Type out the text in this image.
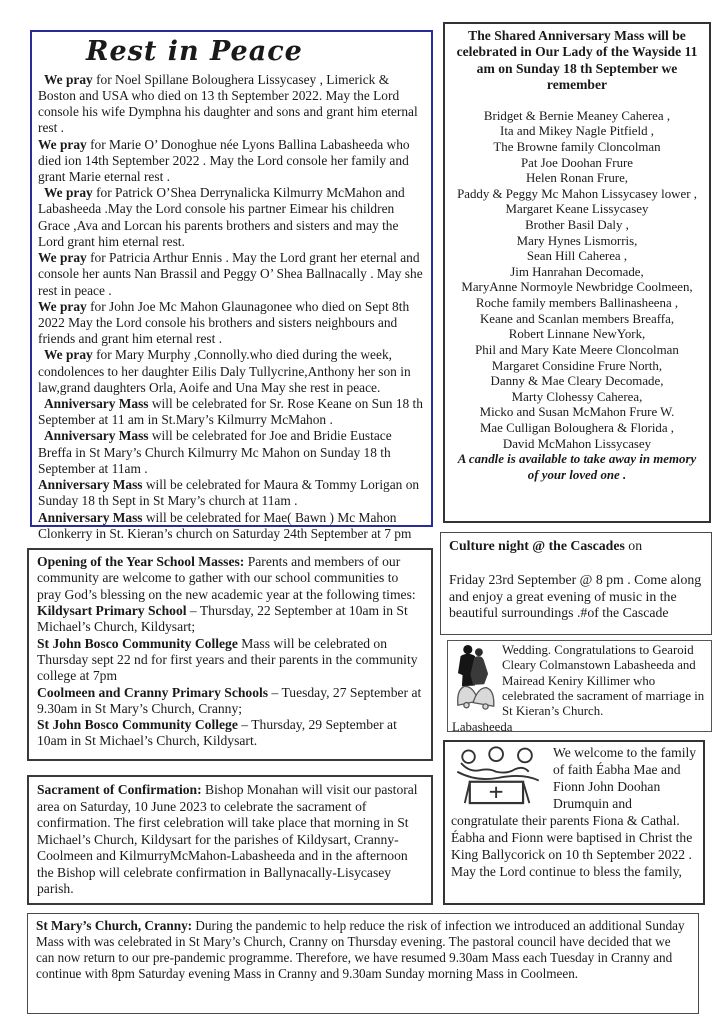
Rest in Peace

We pray for Noel Spillane Boloughera Lissycasey , Limerick & Boston and USA who died on 13 th September 2022. May the Lord console his wife Dymphna his daughter and sons and grant him eternal rest .

We pray for Marie O’ Donoghue née Lyons Ballina Labasheeda who died ion 14th September 2022 . May the Lord console her family and grant Marie eternal rest .

We pray for Patrick O’Shea Derrynalicka Kilmurry McMahon and Labasheeda .May the Lord console his partner Eimear his children Grace ,Ava and Lorcan his parents brothers and sisters and may the Lord grant him eternal rest.

We pray for Patricia Arthur Ennis . May the Lord grant her eternal and console her aunts Nan Brassil and Peggy O’ Shea Ballnacally . May she rest in peace .

We pray for John Joe Mc Mahon Glaunagonee who died on Sept 8th 2022 May the Lord console his brothers and sisters neighbours and friends and grant him eternal rest .

We pray for Mary Murphy ,Connolly.who died during the week, condolences to her daughter Eilis Daly Tullycrine,Anthony her son in law,grand daughters Orla, Aoife and Una May she rest in peace.

Anniversary Mass will be celebrated for Sr. Rose Keane on Sun 18 th September at 11 am in St.Mary’s Kilmurry McMahon .

Anniversary Mass will be celebrated for Joe and Bridie Eustace Breffa in St Mary’s Church Kilmurry Mc Mahon on Sunday 18 th September at 11am .

Anniversary Mass will be celebrated for Maura & Tommy Lorigan on Sunday 18 th Sept in St Mary’s church at 11am .

Anniversary Mass will be celebrated for Mae( Bawn ) Mc Mahon Clonkerry in St. Kieran’s church on Saturday 24th September at 7 pm

The Shared Anniversary Mass will be celebrated in Our Lady of the Wayside 11 am on Sunday 18 th September we remember

Bridget & Bernie Meaney Caherea ,
Ita and Mikey Nagle Pitfield ,
The Browne family Cloncolman
Pat Joe Doohan Frure
Helen Ronan Frure,
Paddy & Peggy Mc Mahon Lissycasey lower ,
Margaret Keane Lissycasey
Brother Basil Daly ,
Mary Hynes Lismorris,
Sean Hill Caherea ,
Jim Hanrahan Decomade,
MaryAnne Normoyle Newbridge Coolmeen,
Roche family members Ballinasheena ,
Keane and Scanlan members Breaffa,
Robert Linnane NewYork,
Phil and Mary Kate Meere Cloncolman
Margaret Considine Frure North,
Danny & Mae Cleary Decomade,
Marty Clohessy Caherea,
Micko and Susan McMahon Frure W.
Mae Culligan Boloughera & Florida ,
David McMahon Lissycasey

A candle is available to take away in memory of your loved one .

Culture night @ the Cascades on

Friday 23rd September @ 8 pm . Come along and enjoy a great evening of music in the beautiful surroundings .#of the Cascade

Wedding. Congratulations to Gearoid Cleary Colmanstown Labasheeda and Mairead Keniry Killimer who celebrated the sacrament of marriage in St Kieran’s Church.

Labasheeda

We welcome to the family of faith Éabha Mae and Fionn John Doohan Drumquin and congratulate their parents Fiona & Cathal. Éabha and Fionn were baptised in Christ the King Ballycorick on 10 th September 2022 . May the Lord continue to bless the family,

Opening of the Year School Masses: Parents and members of our community are welcome to gather with our school communities to pray God’s blessing on the new academic year at the following times:

Kildysart Primary School – Thursday, 22 September at 10am in St Michael’s Church, Kildysart;

St John Bosco Community College Mass will be celebrated on Thursday sept 22 nd for first years and their parents in the community college at 7pm

Coolmeen and Cranny Primary Schools – Tuesday, 27 September at 9.30am in St Mary’s Church, Cranny;

St John Bosco Community College – Thursday, 29 September at 10am in St Michael’s Church, Kildysart.

Sacrament of Confirmation: Bishop Monahan will visit our pastoral area on Saturday, 10 June 2023 to celebrate the sacrament of confirmation. The first celebration will take place that morning in St Michael’s Church, Kildysart for the parishes of Kildysart, Cranny-Coolmeen and KilmurryMcMahon-Labasheeda and in the afternoon the Bishop will celebrate confirmation in Ballynacally-Lisycasey parish.

St Mary’s Church, Cranny: During the pandemic to help reduce the risk of infection we introduced an additional Sunday Mass with was celebrated in St Mary’s Church, Cranny on Thursday evening. The pastoral council have decided that we can now return to our pre-pandemic programme. Therefore, we have resumed 9.30am Mass each Tuesday in Cranny and continue with 8pm Saturday evening Mass in Cranny and 9.30am Sunday morning Mass in Coolmeen.
